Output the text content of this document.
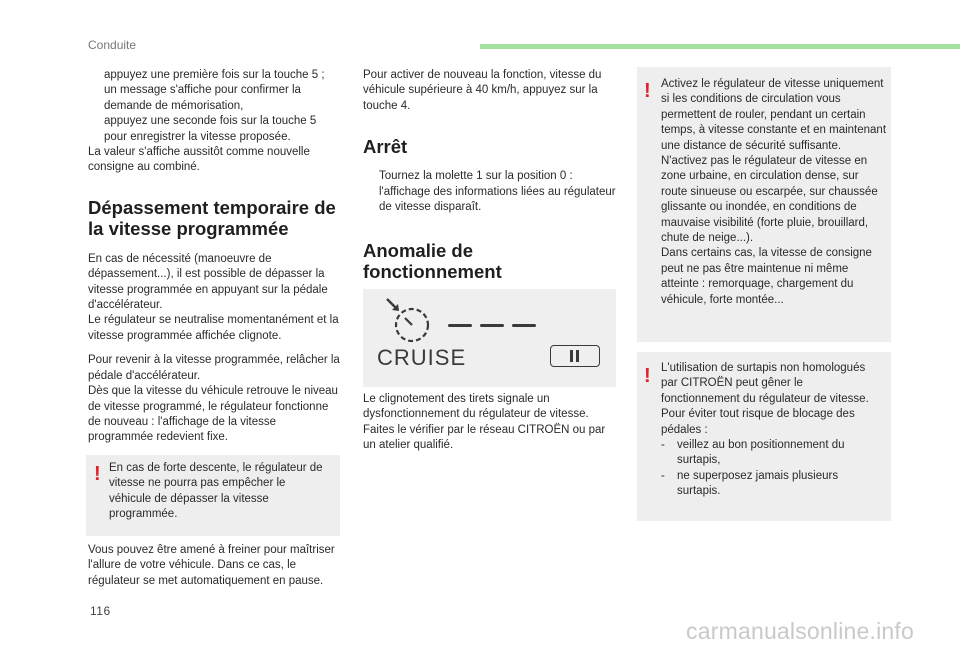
Conduite
appuyez une première fois sur la touche 5 ; un message s'affiche pour confirmer la demande de mémorisation,
appuyez une seconde fois sur la touche 5 pour enregistrer la vitesse proposée.

La valeur s'affiche aussitôt comme nouvelle consigne au combiné.

Dépassement temporaire de la vitesse programmée

En cas de nécessité (manoeuvre de dépassement...), il est possible de dépasser la vitesse programmée en appuyant sur la pédale d'accélérateur.

Le régulateur se neutralise momentanément et la vitesse programmée affichée clignote.

Pour revenir à la vitesse programmée, relâcher la pédale d'accélérateur.

Dès que la vitesse du véhicule retrouve le niveau de vitesse programmé, le régulateur fonctionne de nouveau : l'affichage de la vitesse programmée redevient fixe.

! En cas de forte descente, le régulateur de vitesse ne pourra pas empêcher le véhicule de dépasser la vitesse programmée.

Vous pouvez être amené à freiner pour maîtriser l'allure de votre véhicule. Dans ce cas, le régulateur se met automatiquement en pause.

Pour activer de nouveau la fonction, vitesse du véhicule supérieure à 40 km/h, appuyez sur la touche 4.

Arrêt
Tournez la molette 1 sur la position 0 : l'affichage des informations liées au régulateur de vitesse disparaît.
Anomalie de fonctionnement
CRUISE

Le clignotement des tirets signale un dysfonctionnement du régulateur de vitesse.

Faites le vérifier par le réseau CITROËN ou par un atelier qualifié.

! Activez le régulateur de vitesse uniquement si les conditions de circulation vous permettent de rouler, pendant un certain temps, à vitesse constante et en maintenant une distance de sécurité suffisante.
N'activez pas le régulateur de vitesse en zone urbaine, en circulation dense, sur route sinueuse ou escarpée, sur chaussée glissante ou inondée, en conditions de mauvaise visibilité (forte pluie, brouillard, chute de neige...).
Dans certains cas, la vitesse de consigne peut ne pas être maintenue ni même atteinte : remorquage, chargement du véhicule, forte montée...
! L'utilisation de surtapis non homologués par CITROËN peut gêner le fonctionnement du régulateur de vitesse.
Pour éviter tout risque de blocage des pédales :
-	veillez au bon positionnement du surtapis,
-	ne superposez jamais plusieurs surtapis.
116
carmanualsonline.info
